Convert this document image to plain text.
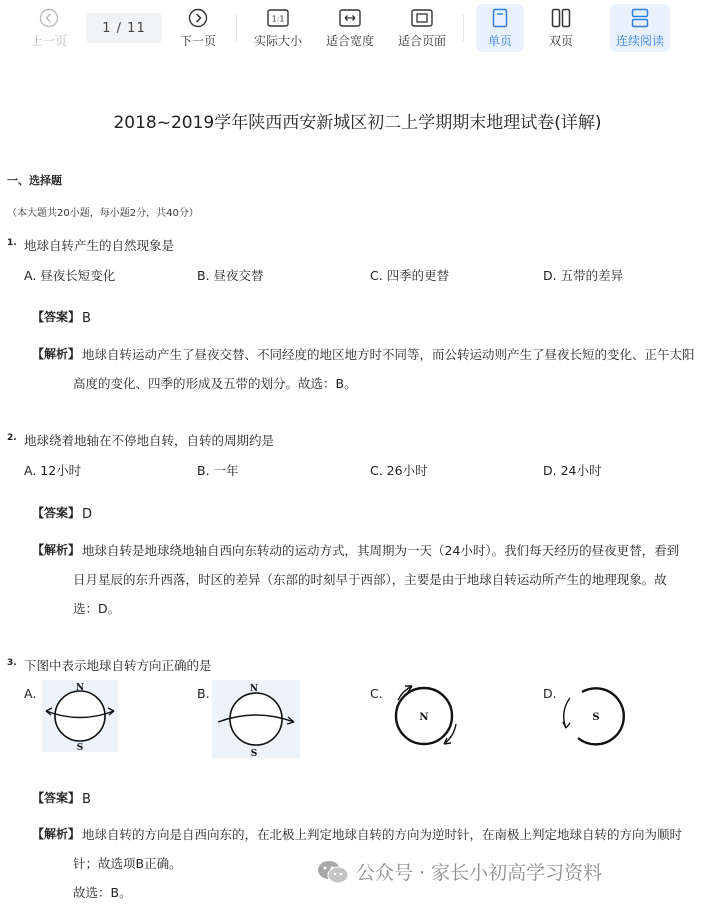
上一页
1 / 11
下一页
1:1
实际大小 适合宽度 适合页面	单页	双页	连续阅读
2018~2019学年陕西西安新城区初二上学期期末地理试卷(详解)
一、选择题
（本大题共20小题，每小题2分，共40分）
1. 地球自转产生的自然现象是
A. 昼夜长短变化	B. 昼夜交替	C. 四季的更替	D. 五带的差异
【答案】 B
【解析】 地球自转运动产生了昼夜交替、不同经度的地区地方时不同等，而公转运动则产生了昼夜长短的变化、正午太阳
高度的变化、四季的形成及五带的划分。故选：B。
2. 地球绕着地轴在不停地自转，自转的周期约是
A. 12小时	B. 一年	C. 26小时	D. 24小时
【答案】 D
【解析】 地球自转是地球绕地轴自西向东转动的运动方式，其周期为一天（24小时）。我们每天经历的昼夜更替，看到
日月星辰的东升西落，时区的差异（东部的时刻早于西部），主要是由于地球自转运动所产生的地理现象。故
选：D。
3. 下图中表示地球自转方向正确的是
A.	B.	C.	D.
N
S
N
S
N	S
【答案】 B
【解析】 地球自转的方向是自西向东的，在北极上判定地球自转的方向为逆时针，在南极上判定地球自转的方向为顺时
针；故选项B正确。
故选：B。
公众号 · 家长小初高学习资料
